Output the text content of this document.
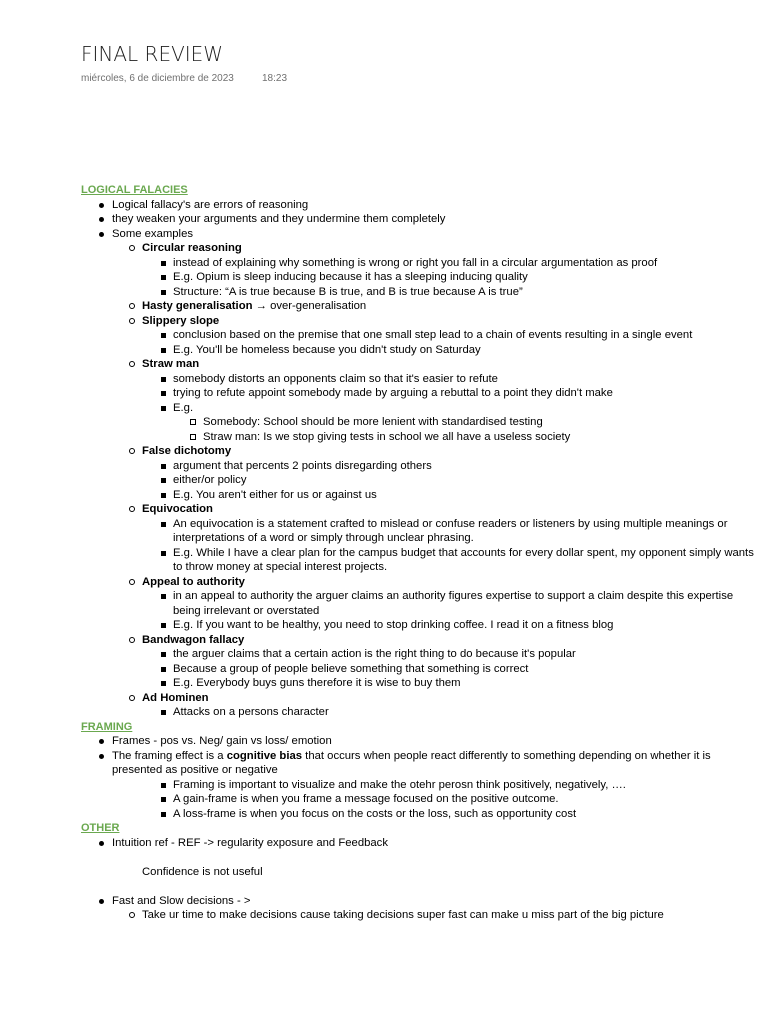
FINAL REVIEW
miércoles, 6 de diciembre de 2023	18:23
LOGICAL FALACIES
Logical fallacy's are errors of reasoning
they weaken your arguments and they undermine them completely
Some examples
Circular reasoning
instead of explaining why something is wrong or right you fall in a circular argumentation as proof
E.g. Opium is sleep inducing because it has a sleeping inducing quality
Structure: “A is true because B is true, and B is true because A is true”
Hasty generalisation → over-generalisation
Slippery slope
conclusion based on the premise that one small step lead to a chain of events resulting in a single event
E.g. You'll be homeless because you didn't study on Saturday
Straw man
somebody distorts an opponents claim so that it's easier to refute
trying to refute appoint somebody made by arguing a rebuttal to a point they didn't make
E.g.
Somebody: School should be more lenient with standardised testing
Straw man: Is we stop giving tests in school we all have a useless society
False dichotomy
argument that percents 2 points disregarding others
either/or policy
E.g. You aren't either for us or against us
Equivocation
An equivocation is a statement crafted to mislead or confuse readers or listeners by using multiple meanings or
interpretations of a word or simply through unclear phrasing.
E.g. While I have a clear plan for the campus budget that accounts for every dollar spent, my opponent simply wants
to throw money at special interest projects.
Appeal to authority
in an appeal to authority the arguer claims an authority figures expertise to support a claim despite this expertise
being irrelevant or overstated
E.g. If you want to be healthy, you need to stop drinking coffee. I read it on a fitness blog
Bandwagon fallacy
the arguer claims that a certain action is the right thing to do because it's popular
Because a group of people believe something that something is correct
E.g. Everybody buys guns therefore it is wise to buy them
Ad Hominen
Attacks on a persons character
FRAMING
Frames - pos vs. Neg/ gain vs loss/ emotion
The framing effect is a cognitive bias that occurs when people react differently to something depending on whether it is
presented as positive or negative
Framing is important to visualize and make the otehr perosn think positively, negatively, ….
A gain-frame is when you frame a message focused on the positive outcome.
A loss-frame is when you focus on the costs or the loss, such as opportunity cost
OTHER
Intuition ref - REF -> regularity exposure and Feedback
Confidence is not useful
Fast and Slow decisions - >
Take ur time to make decisions cause taking decisions super fast can make u miss part of the big picture
